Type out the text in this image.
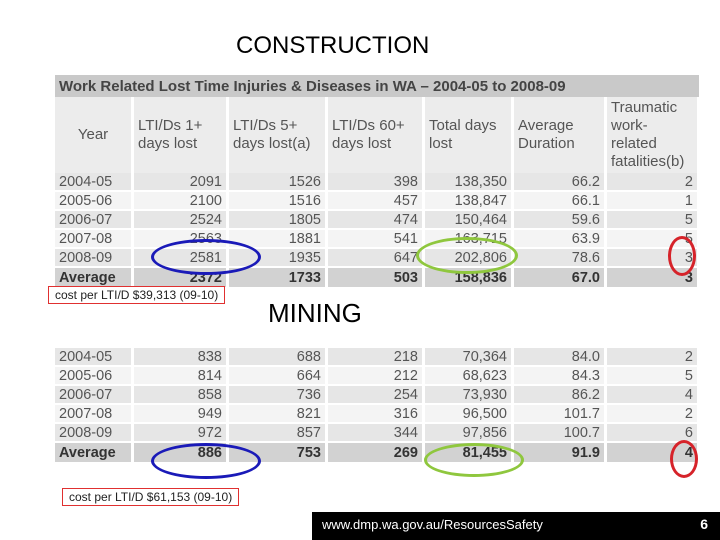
CONSTRUCTION
Work Related Lost Time Injuries & Diseases in WA – 2004-05 to 2008-09						
Year	LTI/Ds 1+ days lost	LTI/Ds 5+ days lost(a)	LTI/Ds 60+ days lost	Total days lost	Average Duration	Traumatic work-related fatalities(b)
2004-05	2091	1526	398	138,350	66.2	2
2005-06	2100	1516	457	138,847	66.1	1
2006-07	2524	1805	474	150,464	59.6	5
2007-08	2563	1881	541	163,715	63.9	5
2008-09	2581	1935	647	202,806	78.6	3
Average	2372	1733	503	158,836	67.0	3
cost per LTI/D $39,313 (09-10)
MINING
2004-05	838	688	218	70,364	84.0	2
2005-06	814	664	212	68,623	84.3	5
2006-07	858	736	254	73,930	86.2	4
2007-08	949	821	316	96,500	101.7	2
2008-09	972	857	344	97,856	100.7	6
Average	886	753	269	81,455	91.9	4
cost per LTI/D $61,153 (09-10)
www.dmp.wa.gov.au/ResourcesSafety	6
